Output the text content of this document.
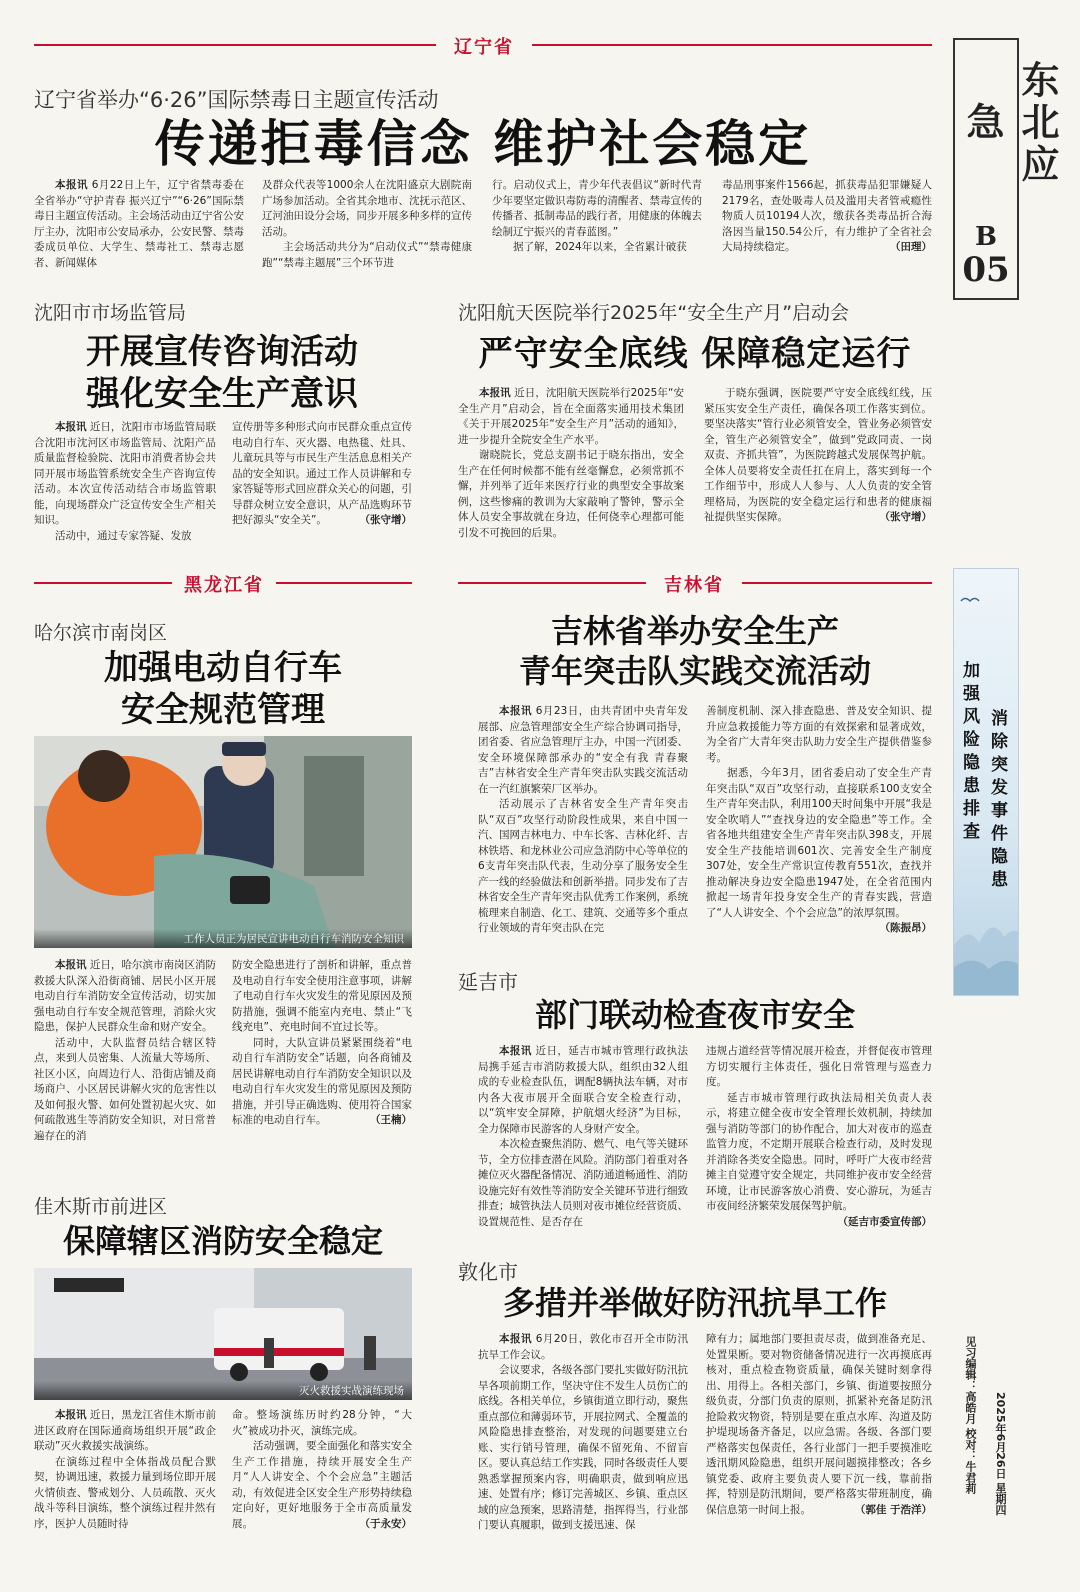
东北应急
B
05
消除突发事件隐患
加强风险隐患排查
2025年6月26日 星期四
见习编辑：高皓月 校对：牛君莉
辽宁省
辽宁省举办“6·26”国际禁毒日主题宣传活动
传递拒毒信念 维护社会稳定

本报讯 6月22日上午，辽宁省禁毒委在全省举办“守护青春 振兴辽宁”“6·26”国际禁毒日主题宣传活动。主会场活动由辽宁省公安厅主办，沈阳市公安局承办，公安民警、禁毒委成员单位、大学生、禁毒社工、禁毒志愿者、新闻媒体

及群众代表等1000余人在沈阳盛京大剧院南广场参加活动。全省其余地市、沈抚示范区、辽河油田设分会场，同步开展多种多样的宣传活动。

主会场活动共分为“启动仪式”“禁毒健康跑”“禁毒主题展”三个环节进

行。启动仪式上，青少年代表倡议“新时代青少年要坚定做识毒防毒的清醒者、禁毒宣传的传播者、抵制毒品的践行者，用健康的体魄去绘制辽宁振兴的青春蓝图。”

据了解，2024年以来，全省累计破获

毒品刑事案件1566起，抓获毒品犯罪嫌疑人2179名，查处吸毒人员及滥用夫者管戒瘾性物质人员10194人次，缴获各类毒品折合海洛因当量150.54公斤，有力维护了全省社会大局持续稳定。	（田理）

沈阳市市场监管局
开展宣传咨询活动
强化安全生产意识

本报讯 近日，沈阳市市场监管局联合沈阳市沈河区市场监管局、沈阳产品质量监督检验院、沈阳市消费者协会共同开展市场监管系统安全生产咨询宣传活动。本次宣传活动结合市场监管职能，向现场群众广泛宣传安全生产相关知识。

活动中，通过专家答疑、发放

宣传册等多种形式向市民群众重点宣传电动自行车、灭火器、电热毯、灶具、儿童玩具等与市民生产生活息息相关产品的安全知识。通过工作人员讲解和专家答疑等形式回应群众关心的问题，引导群众树立安全意识，从产品选购环节把好源头“安全关”。	（张守增）

沈阳航天医院举行2025年“安全生产月”启动会
严守安全底线 保障稳定运行

本报讯 近日，沈阳航天医院举行2025年“安全生产月”启动会，旨在全面落实通用技术集团《关于开展2025年“安全生产月”活动的通知》，进一步提升全院安全生产水平。

谢晓院长，党总支副书记于晓东指出，安全生产在任何时候都不能有丝毫懈怠，必须常抓不懈，并列举了近年来医疗行业的典型安全事故案例，这些惨痛的教训为大家敲响了警钟，警示全体人员安全事故就在身边，任何侥幸心理都可能引发不可挽回的后果。

于晓东强调，医院要严守安全底线红线，压紧压实安全生产责任，确保各项工作落实到位。要坚决落实“管行业必须管安全，管业务必须管安全，管生产必须管安全”，做到“党政同责、一岗双责、齐抓共管”，为医院跨越式发展保驾护航。全体人员要将安全责任扛在肩上，落实到每一个工作细节中，形成人人参与、人人负责的安全管理格局，为医院的安全稳定运行和患者的健康福祉提供坚实保障。	（张守增）

黑龙江省
哈尔滨市南岗区
加强电动自行车
安全规范管理
工作人员正为居民宣讲电动自行车消防安全知识

本报讯 近日，哈尔滨市南岗区消防救援大队深入沿街商铺、居民小区开展电动自行车消防安全宣传活动，切实加强电动自行车安全规范管理，消除火灾隐患，保护人民群众生命和财产安全。

活动中，大队监督员结合辖区特点，来到人员密集、人流量大等场所、社区小区，向周边行人、沿街店铺及商场商户、小区居民讲解火灾的危害性以及如何报火警、如何处置初起火灾、如何疏散逃生等消防安全知识，对日常普遍存在的消

防安全隐患进行了剖析和讲解，重点普及电动自行车安全使用注意事项，讲解了电动自行车火灾发生的常见原因及预防措施，强调不能室内充电、禁止“飞线充电”、充电时间不宜过长等。

同时，大队宣讲员紧紧围绕着“电动自行车消防安全”话题，向各商铺及居民讲解电动自行车消防安全知识以及电动自行车火灾发生的常见原因及预防措施，并引导正确选购、使用符合国家标准的电动自行车。	（王楠）

佳木斯市前进区
保障辖区消防安全稳定
灭火救援实战演练现场

本报讯 近日，黑龙江省佳木斯市前进区政府在国际通商场组织开展“政企联动”灭火救援实战演练。

在演练过程中全体指战员配合默契，协调迅速，救援力量到场位即开展火情侦查、警戒划分、人员疏散、灭火战斗等科目演练，整个演练过程井然有序，医护人员随时待

命。整场演练历时约28分钟，“大火”被成功扑灭，演练完成。

活动强调，要全面强化和落实安全生产工作措施，持续开展安全生产月“人人讲安全、个个会应急”主题活动，有效促进全区安全生产形势持续稳定向好，更好地服务于全市高质量发展。	（于永安）

吉林省
吉林省举办安全生产
青年突击队实践交流活动

本报讯 6月23日，由共青团中央青年发展部、应急管理部安全生产综合协调司指导，团省委、省应急管理厅主办，中国一汽团委、安全环境保障部承办的“安全有我 青春聚吉”吉林省安全生产青年突击队实践交流活动在一汽红旗繁荣厂区举办。

活动展示了吉林省安全生产青年突击队“双百”攻坚行动阶段性成果，来自中国一汽、国网吉林电力、中车长客、吉林化纤、吉林铁塔、和龙林业公司应急消防中心等单位的6支青年突击队代表，生动分享了服务安全生产一线的经验做法和创新举措。同步发布了吉林省安全生产青年突击队优秀工作案例，系统梳理来自制造、化工、建筑、交通等多个重点行业领域的青年突击队在完

善制度机制、深入排查隐患、普及安全知识、提升应急救援能力等方面的有效探索和显著成效，为全省广大青年突击队助力安全生产提供借鉴参考。

据悉，今年3月，团省委启动了安全生产青年突击队“双百”攻坚行动，直接联系100支安全生产青年突击队，利用100天时间集中开展“我是安全吹哨人”“查找身边的安全隐患”等工作。全省各地共组建安全生产青年突击队398支，开展安全生产技能培训601次、完善安全生产制度307处，安全生产常识宣传教育551次，查找并推动解决身边安全隐患1947处，在全省范围内掀起一场青年投身安全生产的青春实践，营造了“人人讲安全、个个会应急”的浓厚氛围。
（陈振昂）

延吉市
部门联动检查夜市安全

本报讯 近日，延吉市城市管理行政执法局携手延吉市消防救援大队，组织由32人组成的专业检查队伍，调配8辆执法车辆，对市内各大夜市展开全面联合安全检查行动，以“筑牢安全屏障，护航烟火经济”为目标，全力保障市民游客的人身财产安全。

本次检查聚焦消防、燃气、电气等关键环节，全方位排查潜在风险。消防部门着重对各摊位灭火器配备情况、消防通道畅通性、消防设施完好有效性等消防安全关键环节进行细致排查；城管执法人员则对夜市摊位经营资质、设置规范性、是否存在

违规占道经营等情况展开检查，并督促夜市管理方切实履行主体责任，强化日常管理与巡查力度。

延吉市城市管理行政执法局相关负责人表示，将建立健全夜市安全管理长效机制，持续加强与消防等部门的协作配合，加大对夜市的巡查监管力度，不定期开展联合检查行动，及时发现并消除各类安全隐患。同时，呼吁广大夜市经营摊主自觉遵守安全规定，共同维护夜市安全经营环境，让市民游客放心消费、安心游玩，为延吉市夜间经济繁荣发展保驾护航。
（延吉市委宣传部）

敦化市
多措并举做好防汛抗旱工作

本报讯 6月20日，敦化市召开全市防汛抗旱工作会议。

会议要求，各级各部门要扎实做好防汛抗旱各项前期工作，坚决守住不发生人员伤亡的底线。各相关单位，乡镇街道立即行动，聚焦重点部位和薄弱环节，开展拉网式、全覆盖的风险隐患排查整治，对发现的问题要建立台账、实行销号管理，确保不留死角、不留盲区。要认真总结工作实践，同时各级责任人要熟悉掌握预案内容，明确职责，做到响应迅速、处置有序；修订完善城区、乡镇、重点区域的应急预案，思路清楚，指挥得当，行业部门要认真履职，做到支援迅速、保

障有力；属地部门要担责尽责，做到准备充足、处置果断。要对物资储备情况进行一次再摸底再核对，重点检查物资质量，确保关键时刻拿得出、用得上。各相关部门，乡镇、街道要按照分级负责，分部门负责的原则，抓紧补充备足防汛抢险救灾物资，特别是要在重点水库、沟道及防护堤现场备齐备足，以应急需。各级、各部门要严格落实包保责任，各行业部门一把手要摸准吃透汛期风险隐患，组织开展问题摸排整改；各乡镇党委、政府主要负责人要下沉一线，靠前指挥，特别是防汛期间，要严格落实带班制度，确保信息第一时间上报。	（郭佳 于浩洋）
